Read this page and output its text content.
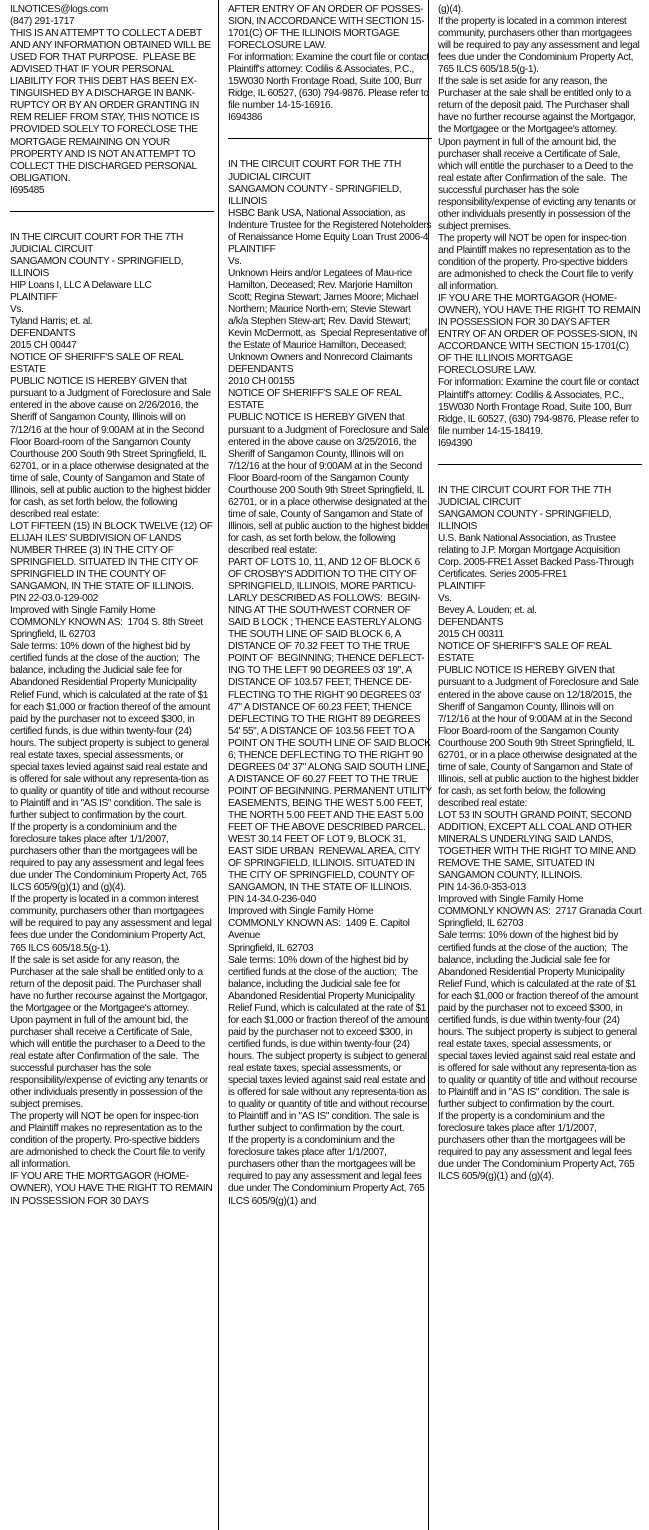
ILNOTICES@logs.com
(847) 291-1717
THIS IS AN ATTEMPT TO COLLECT A DEBT AND ANY INFORMATION OBTAINED WILL BE USED FOR THAT PURPOSE.  PLEASE BE ADVISED THAT IF YOUR PERSONAL LIABILITY FOR THIS DEBT HAS BEEN EX-TINGUISHED BY A DISCHARGE IN BANK-RUPTCY OR BY AN ORDER GRANTING IN REM RELIEF FROM STAY, THIS NOTICE IS PROVIDED SOLELY TO FORECLOSE THE MORTGAGE REMAINING ON YOUR PROPERTY AND IS NOT AN ATTEMPT TO COLLECT THE DISCHARGED PERSONAL OBLIGATION.
I695485

IN THE CIRCUIT COURT FOR THE 7TH JUDICIAL CIRCUIT
SANGAMON COUNTY - SPRINGFIELD, ILLINOIS
HIP Loans I, LLC A Delaware LLC
PLAINTIFF
Vs.
Tyland Harris; et. al.
DEFENDANTS
2015 CH 00447
NOTICE OF SHERIFF'S SALE OF REAL ESTATE
PUBLIC NOTICE IS HEREBY GIVEN that pursuant to a Judgment of Foreclosure and Sale entered in the above cause on 2/26/2016, the Sheriff of Sangamon County, Illinois will on 7/12/16 at the hour of 9:00AM at in the Second Floor Board-room of the Sangamon County Courthouse 200 South 9th Street Springfield, IL 62701, or in a place otherwise designated at the time of sale, County of Sangamon and State of Illinois, sell at public auction to the highest bidder for cash, as set forth below, the following described real estate:
LOT FIFTEEN (15) IN BLOCK TWELVE (12) OF ELIJAH ILES' SUBDIVISION OF LANDS NUMBER THREE (3) IN THE CITY OF SPRINGFIELD. SITUATED IN THE CITY OF SPRINGFIELD IN THE COUNTY OF SANGAMON, IN THE STATE OF ILLINOIS.
PIN 22-03.0-129-002
Improved with Single Family Home
COMMONLY KNOWN AS:  1704 S. 8th Street
Springfield, IL 62703
Sale terms: 10% down of the highest bid by certified funds at the close of the auction;  The balance, including the Judicial sale fee for Abandoned Residential Property Municipality Relief Fund, which is calculated at the rate of $1 for each $1,000 or fraction thereof of the amount paid by the purchaser not to exceed $300, in certified funds, is due within twenty-four (24) hours. The subject property is subject to general real estate taxes, special assessments, or special taxes levied against said real estate and is offered for sale without any representa-tion as to quality or quantity of title and without recourse to Plaintiff and in "AS IS" condition. The sale is further subject to confirmation by the court.
If the property is a condominium and the foreclosure takes place after 1/1/2007, purchasers other than the mortgagees will be required to pay any assessment and legal fees due under The Condominium Property Act, 765 ILCS 605/9(g)(1) and (g)(4).
If the property is located in a common interest community, purchasers other than mortgagees will be required to pay any assessment and legal fees due under the Condominium Property Act, 765 ILCS 605/18.5(g-1).
If the sale is set aside for any reason, the Purchaser at the sale shall be entitled only to a return of the deposit paid. The Purchaser shall have no further recourse against the Mortgagor, the Mortgagee or the Mortgagee's attorney.
Upon payment in full of the amount bid, the purchaser shall receive a Certificate of Sale, which will entitle the purchaser to a Deed to the real estate after Confirmation of the sale.  The successful purchaser has the sole responsibility/expense of evicting any tenants or other individuals presently in possession of the subject premises.
The property will NOT be open for inspec-tion and Plaintiff makes no representation as to the condition of the property. Pro-spective bidders are admonished to check the Court file to verify all information.
IF YOU ARE THE MORTGAGOR (HOME-OWNER), YOU HAVE THE RIGHT TO REMAIN IN POSSESSION FOR 30 DAYS

AFTER ENTRY OF AN ORDER OF POSSES-SION, IN ACCORDANCE WITH SECTION 15-1701(C) OF THE ILLINOIS MORTGAGE FORECLOSURE LAW.
For information: Examine the court file or contact Plaintiff's attorney: Codilis & Associates, P.C., 15W030 North Frontage Road, Suite 100, Burr Ridge, IL 60527, (630) 794-9876. Please refer to file number 14-15-16916.
I694386

IN THE CIRCUIT COURT FOR THE 7TH JUDICIAL CIRCUIT
SANGAMON COUNTY - SPRINGFIELD, ILLINOIS
HSBC Bank USA, National Association, as Indenture Trustee for the Registered Noteholders of Renaissance Home Equity Loan Trust 2006-4
PLAINTIFF
Vs.
Unknown Heirs and/or Legatees of Mau-rice Hamilton, Deceased; Rev. Marjorie Hamilton Scott; Regina Stewart; James Moore; Michael Northern; Maurice North-ern; Stevie Stewart a/k/a Stephen Stew-art; Rev. David Stewart; Kevin McDermott, as  Special Representative of the Estate of Maurice Hamilton, Deceased; Unknown Owners and Nonrecord Claimants
DEFENDANTS
2010 CH 00155
NOTICE OF SHERIFF'S SALE OF REAL ESTATE
PUBLIC NOTICE IS HEREBY GIVEN that pursuant to a Judgment of Foreclosure and Sale entered in the above cause on 3/25/2016, the Sheriff of Sangamon County, Illinois will on 7/12/16 at the hour of 9:00AM at in the Second Floor Board-room of the Sangamon County Courthouse 200 South 9th Street Springfield, IL 62701, or in a place otherwise designated at the time of sale, County of Sangamon and State of Illinois, sell at public auction to the highest bidder for cash, as set forth below, the following described real estate:
PART OF LOTS 10, 11, AND 12 OF BLOCK 6 OF CROSBY'S ADDITION TO THE CITY OF SPRINGFIELD, ILLINOIS, MORE PARTICU-LARLY DESCRIBED AS FOLLOWS:  BEGIN-NING AT THE SOUTHWEST CORNER OF SAID B LOCK ; THENCE EASTERLY ALONG THE SOUTH LINE OF SAID BLOCK 6, A DISTANCE OF 70.32 FEET TO THE TRUE POINT OF  BEGINNING; THENCE DEFLECT-ING TO THE LEFT 90 DEGREES 03' 19", A DISTANCE OF 103.57 FEET; THENCE DE-FLECTING TO THE RIGHT 90 DEGREES 03' 47" A DISTANCE OF 60.23 FEET; THENCE DEFLECTING TO THE RIGHT 89 DEGREES 54' 55", A DISTANCE OF 103.56 FEET TO A POINT ON THE SOUTH LINE OF SAID BLOCK 6; THENCE DEFLECTING TO THE RIGHT 90 DEGREES 04' 37" ALONG SAID SOUTH LINE, A DISTANCE OF 60.27 FEET TO THE TRUE POINT OF BEGINNING. PERMANENT UTILITY EASEMENTS, BEING THE WEST 5.00 FEET, THE NORTH 5.00 FEET AND THE EAST 5.00 FEET OF THE ABOVE DESCRIBED PARCEL.
WEST 30.14 FEET OF LOT 9, BLOCK 31, EAST SIDE URBAN  RENEWAL AREA, CITY OF SPRINGFIELD, ILLINOIS. SITUATED IN THE CITY OF SPRINGFIELD, COUNTY OF SANGAMON, IN THE STATE OF ILLINOIS.
PIN 14-34.0-236-040
Improved with Single Family Home
COMMONLY KNOWN AS:  1409 E. Capitol Avenue
Springfield, IL 62703
Sale terms: 10% down of the highest bid by certified funds at the close of the auction;  The balance, including the Judicial sale fee for Abandoned Residential Property Municipality Relief Fund, which is calculated at the rate of $1 for each $1,000 or fraction thereof of the amount paid by the purchaser not to exceed $300, in certified funds, is due within twenty-four (24) hours. The subject property is subject to general real estate taxes, special assessments, or special taxes levied against said real estate and is offered for sale without any representa-tion as to quality or quantity of title and without recourse to Plaintiff and in "AS IS" condition. The sale is further subject to confirmation by the court.
If the property is a condominium and the foreclosure takes place after 1/1/2007, purchasers other than the mortgagees will be required to pay any assessment and legal fees due under The Condominium Property Act, 765 ILCS 605/9(g)(1) and

(g)(4).
If the property is located in a common interest community, purchasers other than mortgagees will be required to pay any assessment and legal fees due under the Condominium Property Act, 765 ILCS 605/18.5(g-1).
If the sale is set aside for any reason, the Purchaser at the sale shall be entitled only to a return of the deposit paid. The Purchaser shall have no further recourse against the Mortgagor, the Mortgagee or the Mortgagee's attorney.
Upon payment in full of the amount bid, the purchaser shall receive a Certificate of Sale, which will entitle the purchaser to a Deed to the real estate after Confirmation of the sale.  The successful purchaser has the sole responsibility/expense of evicting any tenants or other individuals presently in possession of the subject premises.
The property will NOT be open for inspec-tion and Plaintiff makes no representation as to the condition of the property. Pro-spective bidders are admonished to check the Court file to verify all information.
IF YOU ARE THE MORTGAGOR (HOME-OWNER), YOU HAVE THE RIGHT TO REMAIN IN POSSESSION FOR 30 DAYS AFTER ENTRY OF AN ORDER OF POSSES-SION, IN ACCORDANCE WITH SECTION 15-1701(C) OF THE ILLINOIS MORTGAGE FORECLOSURE LAW.
For information: Examine the court file or contact Plaintiff's attorney: Codilis & Associates, P.C., 15W030 North Frontage Road, Suite 100, Burr Ridge, IL 60527, (630) 794-9876. Please refer to file number 14-15-18419.
I694390

IN THE CIRCUIT COURT FOR THE 7TH JUDICIAL CIRCUIT
SANGAMON COUNTY - SPRINGFIELD, ILLINOIS
U.S. Bank National Association, as Trustee relating to J.P. Morgan Mortgage Acquisition Corp. 2005-FRE1 Asset Backed Pass-Through Certificates. Series 2005-FRE1
PLAINTIFF
Vs.
Bevey A. Louden; et. al.
DEFENDANTS
2015 CH 00311
NOTICE OF SHERIFF'S SALE OF REAL ESTATE
PUBLIC NOTICE IS HEREBY GIVEN that pursuant to a Judgment of Foreclosure and Sale entered in the above cause on 12/18/2015, the Sheriff of Sangamon County, Illinois will on 7/12/16 at the hour of 9:00AM at in the Second Floor Board-room of the Sangamon County Courthouse 200 South 9th Street Springfield, IL 62701, or in a place otherwise designated at the time of sale, County of Sangamon and State of Illinois, sell at public auction to the highest bidder for cash, as set forth below, the following described real estate:
LOT 53 IN SOUTH GRAND POINT, SECOND ADDITION, EXCEPT ALL COAL AND OTHER MINERALS UNDERLYING SAID LANDS, TOGETHER WITH THE RIGHT TO MINE AND REMOVE THE SAME, SITUATED IN SANGAMON COUNTY, ILLINOIS.
PIN 14-36.0-353-013
Improved with Single Family Home
COMMONLY KNOWN AS:  2717 Granada Court
Springfield, IL 62703
Sale terms: 10% down of the highest bid by certified funds at the close of the auction;  The balance, including the Judicial sale fee for Abandoned Residential Property Municipality Relief Fund, which is calculated at the rate of $1 for each $1,000 or fraction thereof of the amount paid by the purchaser not to exceed $300, in certified funds, is due within twenty-four (24) hours. The subject property is subject to general real estate taxes, special assessments, or special taxes levied against said real estate and is offered for sale without any representa-tion as to quality or quantity of title and without recourse to Plaintiff and in "AS IS" condition. The sale is further subject to confirmation by the court.
If the property is a condominium and the foreclosure takes place after 1/1/2007, purchasers other than the mortgagees will be required to pay any assessment and legal fees due under The Condominium Property Act, 765 ILCS 605/9(g)(1) and (g)(4).
